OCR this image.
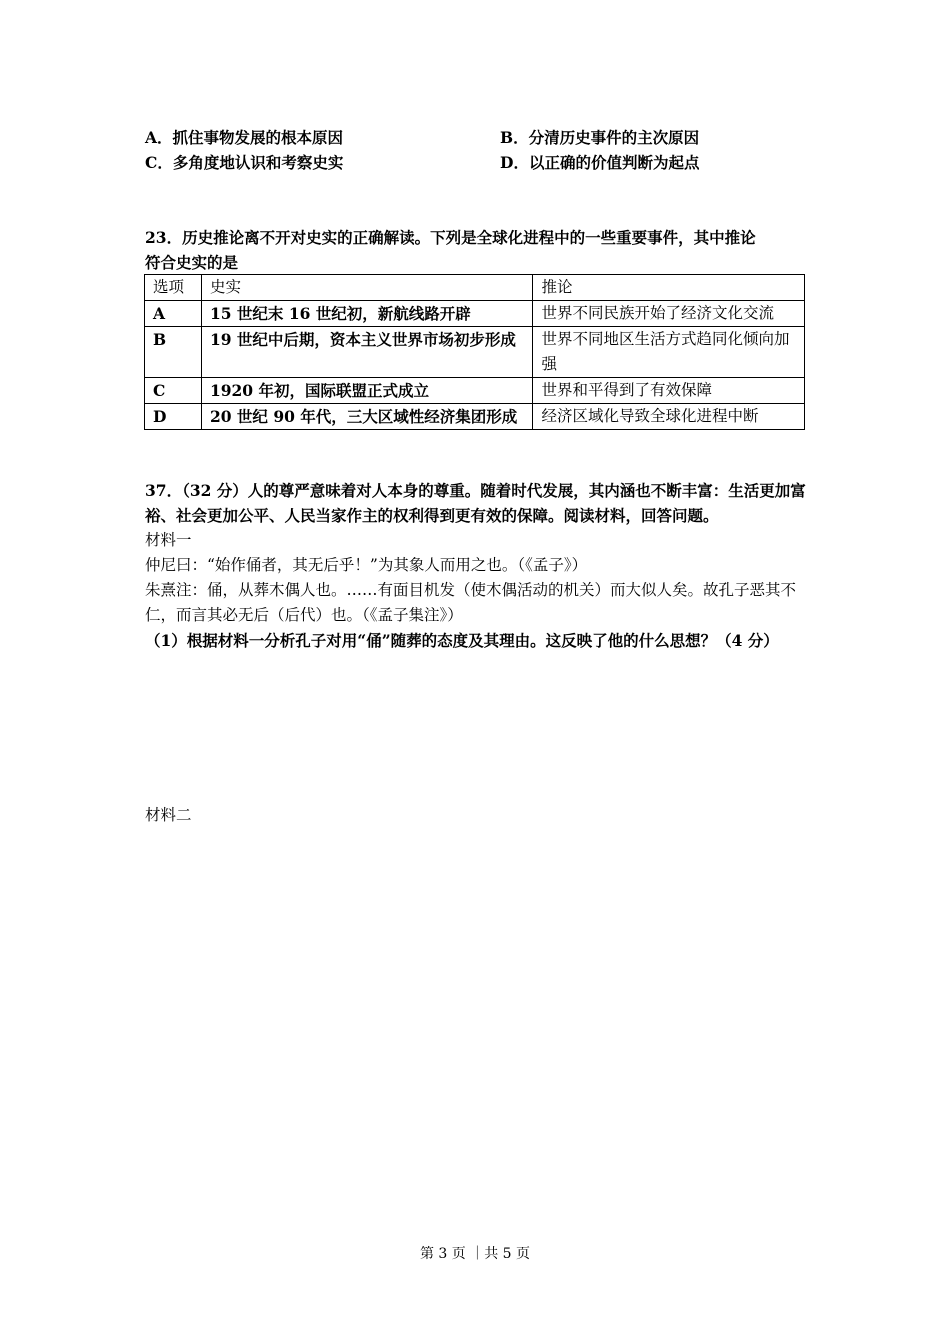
A．抓住事物发展的根本原因	B．分清历史事件的主次原因
C．多角度地认识和考察史实	D．以正确的价值判断为起点
23．历史推论离不开对史实的正确解读。下列是全球化进程中的一些重要事件，其中推论
符合史实的是
选项	史实	推论
A	15 世纪末 16 世纪初，新航线路开辟	世界不同民族开始了经济文化交流
B	19 世纪中后期，资本主义世界市场初步形成	世界不同地区生活方式趋同化倾向加强
C	1920 年初，国际联盟正式成立	世界和平得到了有效保障
D	20 世纪 90 年代，三大区域性经济集团形成	经济区域化导致全球化进程中断
37．（32 分）人的尊严意味着对人本身的尊重。随着时代发展，其内涵也不断丰富：生活更加富裕、社会更加公平、人民当家作主的权利得到更有效的保障。阅读材料，回答问题。
材料一
仲尼曰：“始作俑者，其无后乎！”为其象人而用之也。（《孟子》）
朱熹注：俑，从葬木偶人也。……有面目机发（使木偶活动的机关）而大似人矣。故孔子恶其不仁，而言其必无后（后代）也。（《孟子集注》）
（1）根据材料一分析孔子对用“俑”随葬的态度及其理由。这反映了他的什么思想？（4 分）
材料二
第 3 页 ｜共 5 页
